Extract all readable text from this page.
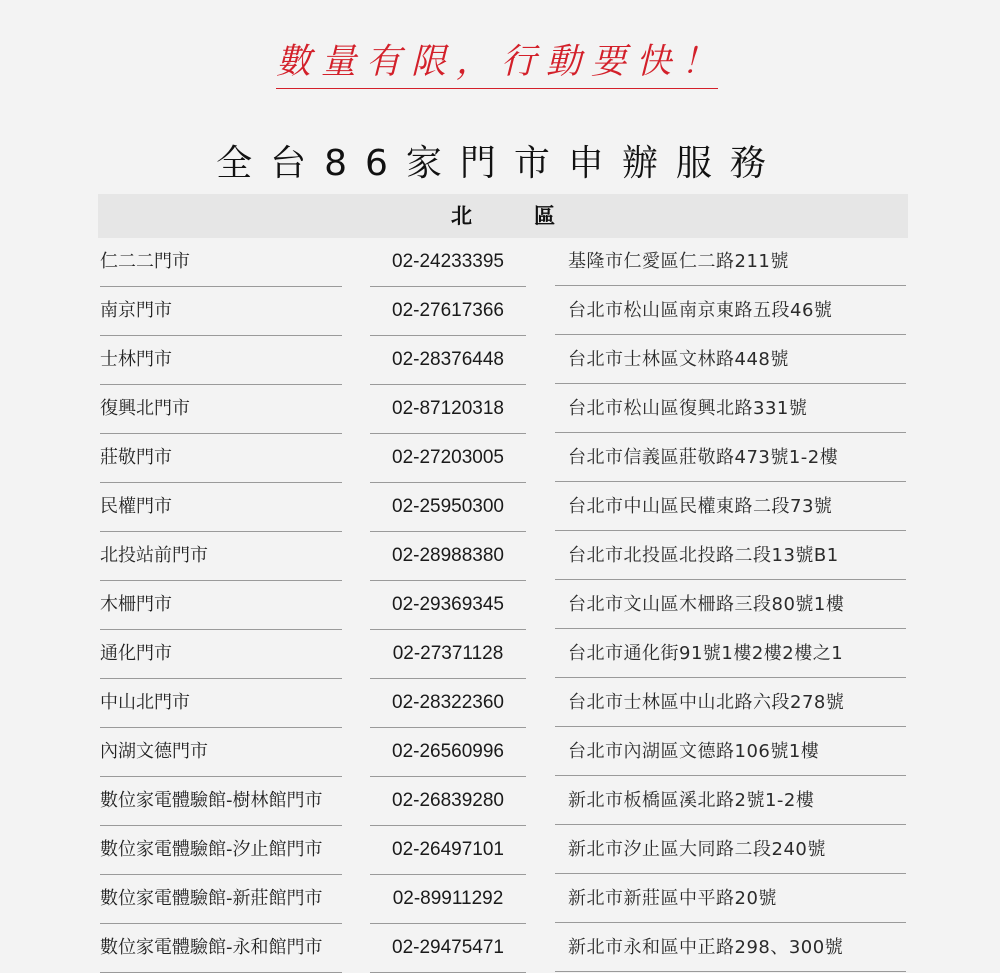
數量有限，行動要快！
全台86家門市申辦服務
北區
仁二二門市	02-24233395	基隆市仁愛區仁二路211號
南京門市	02-27617366	台北市松山區南京東路五段46號
士林門市	02-28376448	台北市士林區文林路448號
復興北門市	02-87120318	台北市松山區復興北路331號
莊敬門市	02-27203005	台北市信義區莊敬路473號1-2樓
民權門市	02-25950300	台北市中山區民權東路二段73號
北投站前門市	02-28988380	台北市北投區北投路二段13號B1
木柵門市	02-29369345	台北市文山區木柵路三段80號1樓
通化門市	02-27371128	台北市通化街91號1樓2樓2樓之1
中山北門市	02-28322360	台北市士林區中山北路六段278號
內湖文德門市	02-26560996	台北市內湖區文德路106號1樓
數位家電體驗館-樹林館門市	02-26839280	新北市板橋區溪北路2號1-2樓
數位家電體驗館-汐止館門市	02-26497101	新北市汐止區大同路二段240號
數位家電體驗館-新莊館門市	02-89911292	新北市新莊區中平路20號
數位家電體驗館-永和館門市	02-29475471	新北市永和區中正路298、300號
